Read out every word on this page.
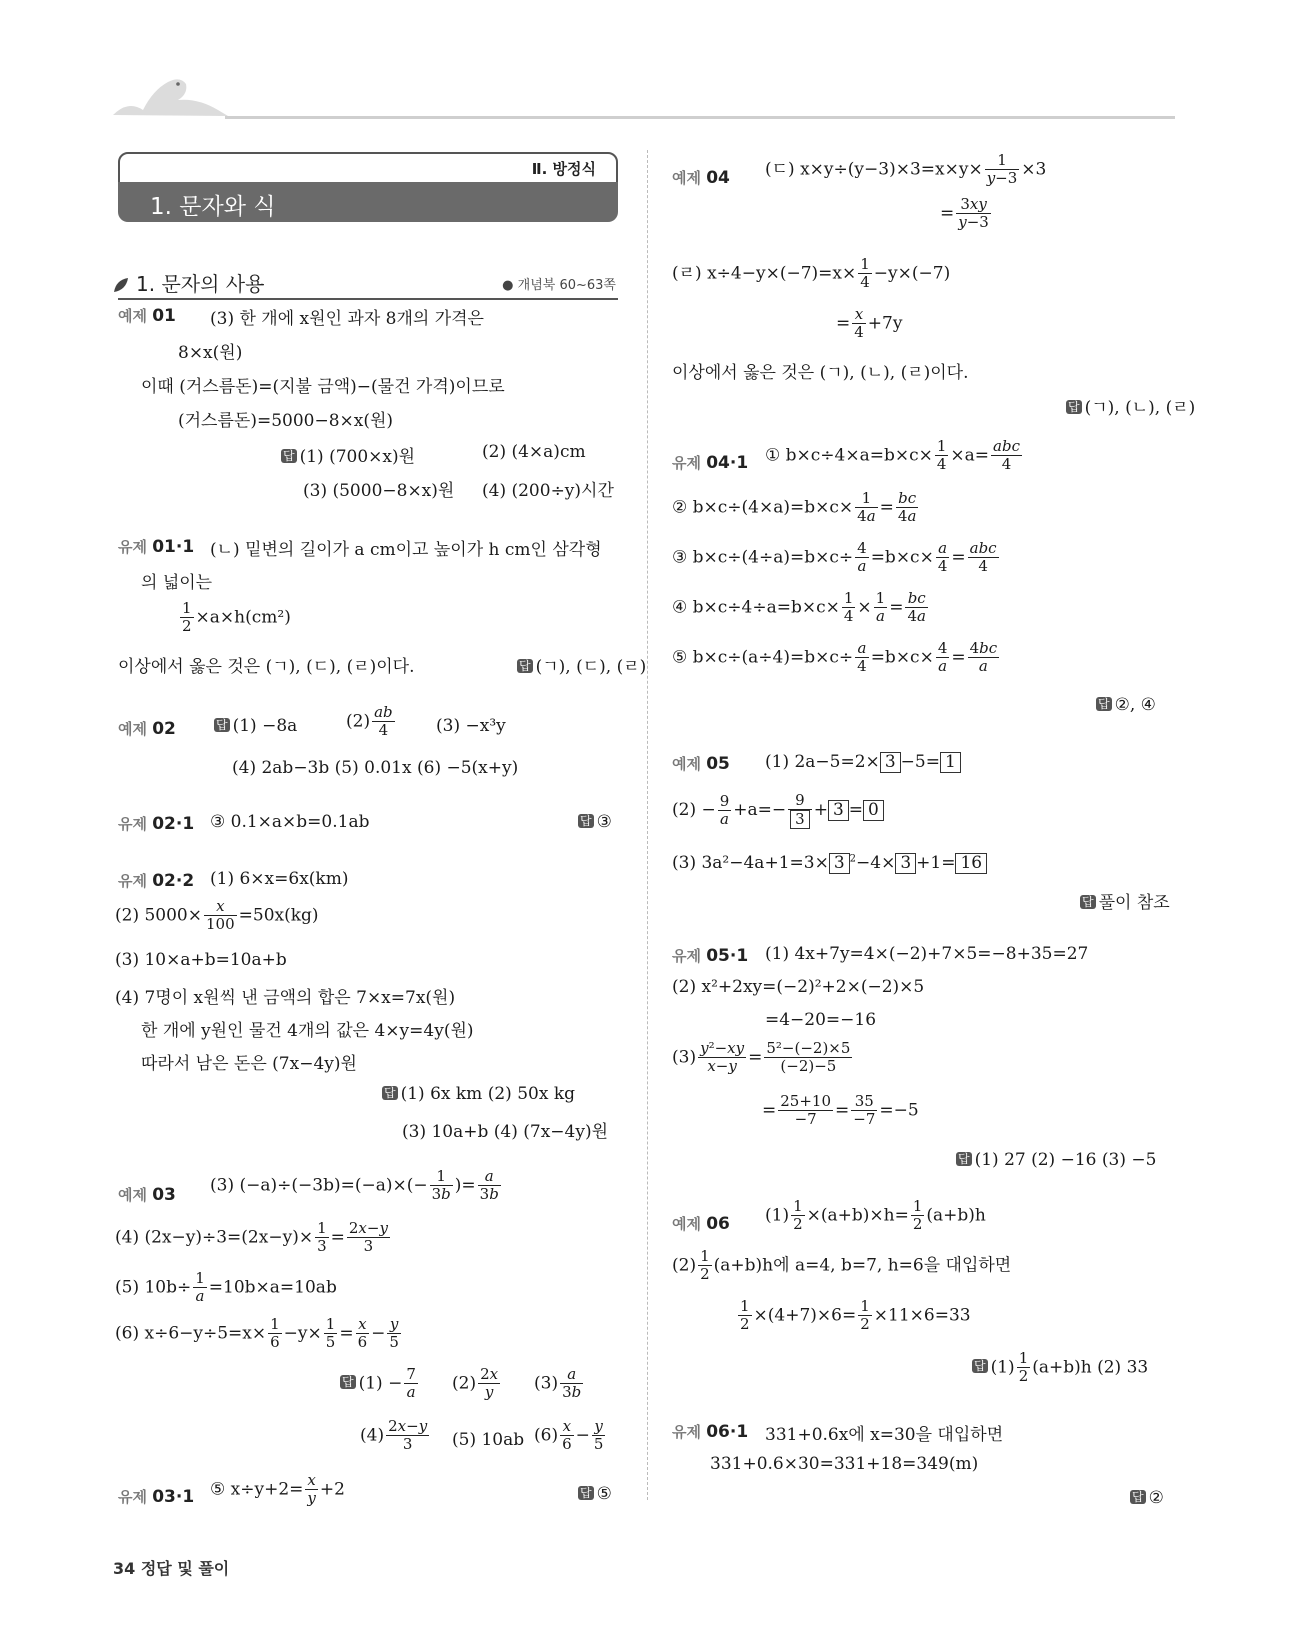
Ⅱ. 방정식
1. 문자와 식
1. 문자의 사용	● 개념북 60~63쪽
예제 01 (3) 한 개에 x원인 과자 8개의 가격은
8×x(원)
이때 (거스름돈)=(지불 금액)−(물건 가격)이므로
(거스름돈)=5000−8×x(원)
답 (1) (700×x)원	(2) (4×a)cm
(3) (5000−8×x)원 (4) (200÷y)시간
유제 01·1 (ㄴ) 밑변의 길이가 a cm이고 높이가 h cm인 삼각형
의 넓이는
$\frac{1}{2} \times a\times h(cm^2)$
이상에서 옳은 것은 (ㄱ), (ㄷ), (ㄹ)이다.	답 (ㄱ), (ㄷ), (ㄹ)
예제 02	답 (1) −8a	$(2) \frac{ab}{4} (3) -x^3y$
(4) 2ab−3b (5) 0.01x (6) −5(x+y)
유제 02·1 ③ 0.1×a×b=0.1ab	답 ③
유제 02·2 (1) 6×x=6x(km)
(2) $5000\times \frac{x}{100} =50x(kg)$
(3) 10×a+b=10a+b
(4) 7명이 x원씩 낸 금액의 합은 7×x=7x(원)
한 개에 y원인 물건 4개의 값은 4×y=4y(원)
따라서 남은 돈은 (7x−4y)원
답 (1) 6x km (2) 50x kg
(3) 10a+b (4) (7x−4y)원
예제 03 (3) $(-a)\div(-3b)=(-a)\times(- \frac{1}{3b}$ )= $\frac{a}{3b}$
(4) $(2x-y)\div 3=(2x-y)\times \frac{1}{3} = \frac{2x-y}{3}$
(5) $10b\div \frac{1}{a} =10b\times a=10ab$
(6) $x\div 6-y\div 5=x\times \frac{1}{6} -y\times \frac{1}{5} = \frac{x}{6} - \frac{y}{5}$
답 $(1) - \frac{7}{a} (2) \frac{2x}{y} (3) \frac{a}{3b}$
$(4) \frac{2x-y}{3} (5)$ 10ab $(6) \frac{x}{6} - \frac{y}{5}$
유제 03·1 ⑤ $x\div y+2= \frac{x}{y} +2$	답 ⑤
예제 04 (ㄷ) $x\times y\div(y-3)\times 3=x\times y\times \frac{1}{y-3} \times 3$
= $\frac{3xy}{y-3}$
(ㄹ) $x\div 4-y\times(-7)=x\times \frac{1}{4} -y\times(-7)$
= $\frac{x}{4} +7y$
이상에서 옳은 것은 (ㄱ), (ㄴ), (ㄹ)이다.
답 (ㄱ), (ㄴ), (ㄹ)
유제 04·1 ① $b\times c\div 4\times a=b\times c\times \frac{1}{4} \times a=$ abc
4
② $b\times c\div(4\times a)=b\times c\times \frac{1}{4a} = \frac{bc}{4a}$
③ $b\times c\div(4\div a)=b\times c\div \frac{4}{a} =b\times c\times \frac{a}{4}$ = abc
4
④ $b\times c\div 4\div a=b\times c\times \frac{1}{4} \times \frac{1}{a} = \frac{bc}{4a}$
⑤ $b\times c\div(a\div 4)=b\times c\div \frac{a}{4} =b\times c\times \frac{4}{a} = \frac{4bc}{a}$
답 ②, ④
예제 05 (1) 2a−5=2× 3 −5= 1
$(2) - \frac{9}{a} +a=- \frac{9}{3} + 3 = 0$
(3) 3a²−4a+1=3× 3 $^2$−4× 3 +1= 16
답 풀이 참조
유제 05·1 (1) 4x+7y=4×(−2)+7×5=−8+35=27
(2) x²+2xy=(−2)²+2×(−2)×5
=4−20=−16
$(3) \frac{\text{y²−xy}}{x-y} = \frac{\text{5²−(−2)×5}}{(-2)-5}$
= $\frac{25+10}{-7} = \frac{35}{-7} =-5$
답 (1) 27 (2) −16 (3) −5
예제 06 $(1) \frac{1}{2} \times(a+b)\times h= \frac{1}{2} (a+b)h$
$(2) \frac{1}{2} (a+b)h$에 a=4, b=7, h=6을 대입하면
$\frac{1}{2} \times(4+7)\times 6= \frac{1}{2} \times 11\times 6=33$
답 $(1) \frac{1}{2} (a+b)h$ (2) 33
유제 06·1 331+0.6x에 x=30을 대입하면
331+0.6×30=331+18=349(m)
답 ②
34 정답 및 풀이
